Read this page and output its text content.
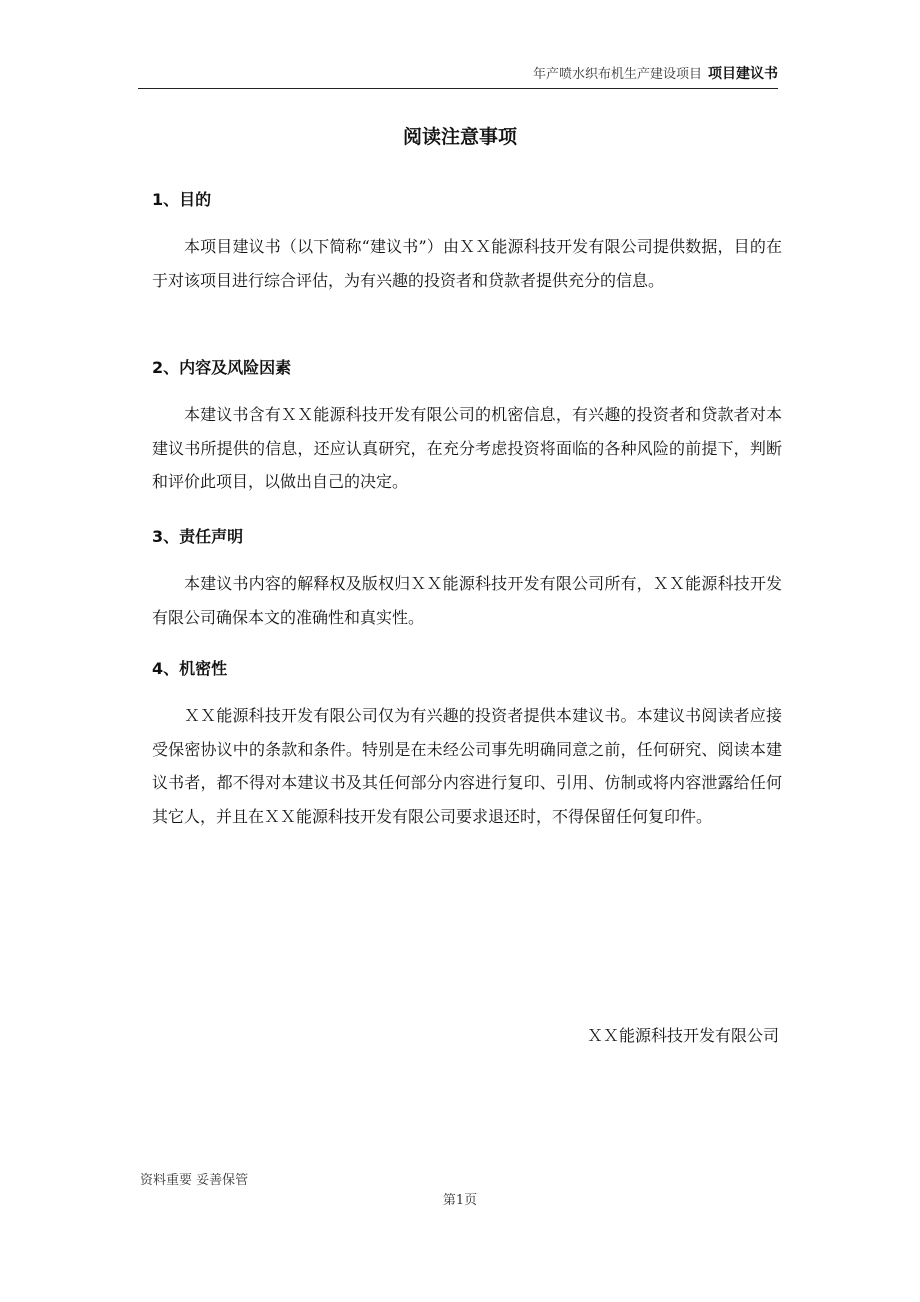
年产喷水织布机生产建设项目 项目建议书
阅读注意事项
1、目的
本项目建议书（以下简称“建议书”）由ＸＸ能源科技开发有限公司提供数据，目的在于对该项目进行综合评估，为有兴趣的投资者和贷款者提供充分的信息。
2、内容及风险因素
本建议书含有ＸＸ能源科技开发有限公司的机密信息，有兴趣的投资者和贷款者对本建议书所提供的信息，还应认真研究，在充分考虑投资将面临的各种风险的前提下，判断和评价此项目，以做出自己的决定。
3、责任声明
本建议书内容的解释权及版权归ＸＸ能源科技开发有限公司所有，ＸＸ能源科技开发有限公司确保本文的准确性和真实性。
4、机密性
ＸＸ能源科技开发有限公司仅为有兴趣的投资者提供本建议书。本建议书阅读者应接受保密协议中的条款和条件。特别是在未经公司事先明确同意之前，任何研究、阅读本建议书者，都不得对本建议书及其任何部分内容进行复印、引用、仿制或将内容泄露给任何其它人，并且在ＸＸ能源科技开发有限公司要求退还时，不得保留任何复印件。
ＸＸ能源科技开发有限公司
资料重要 妥善保管
第1页
